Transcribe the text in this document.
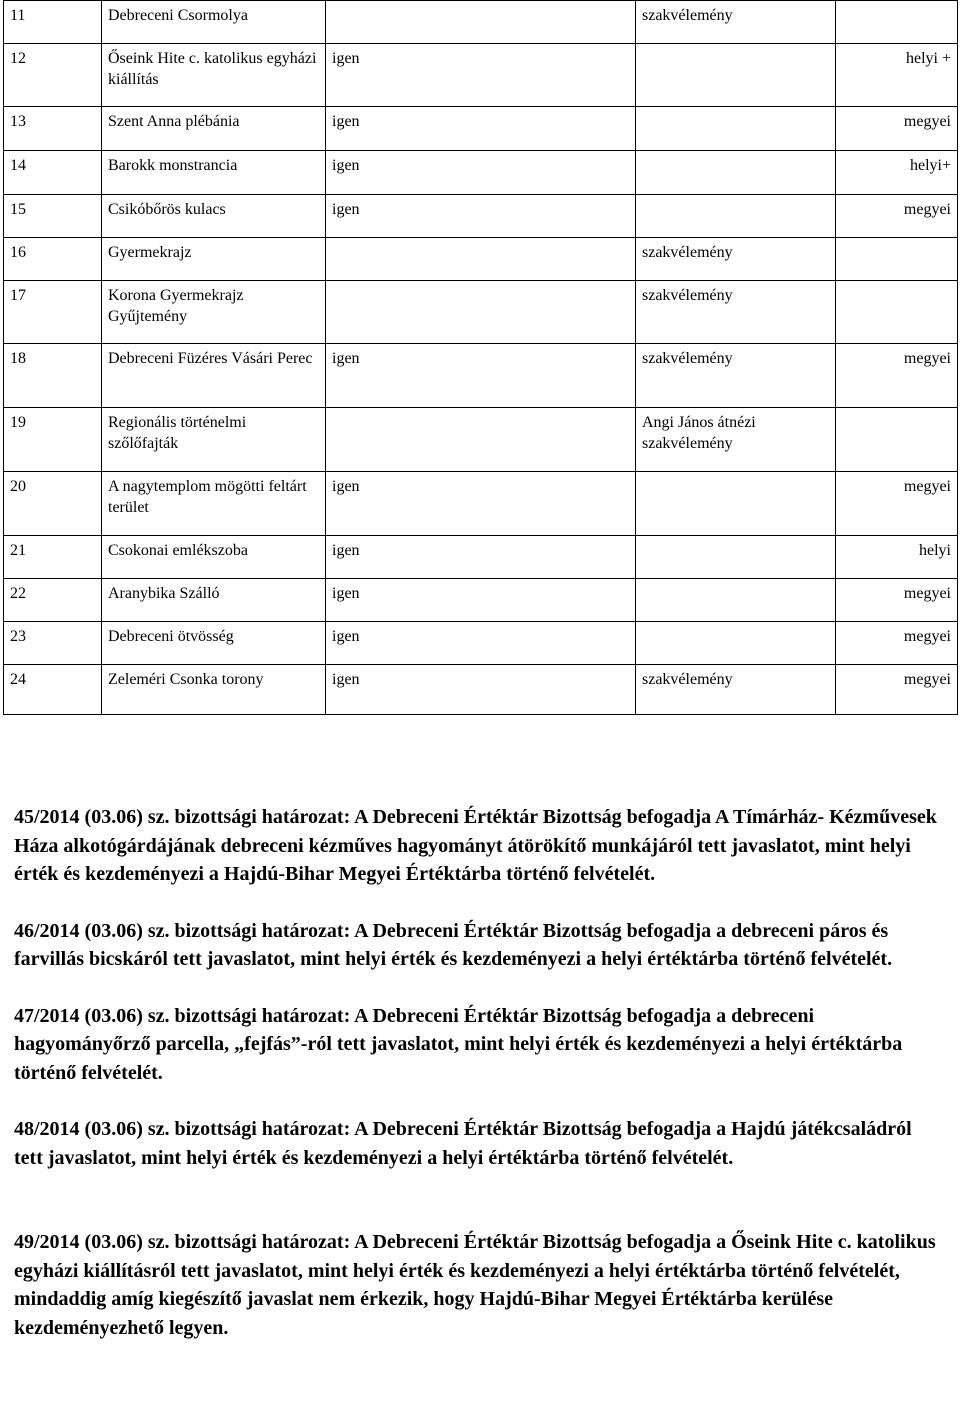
11	Debreceni Csormolya		szakvélemény	
12	Őseink Hite c. katolikus egyházi kiállítás	igen		helyi +
13	Szent Anna plébánia	igen		megyei
14	Barokk monstrancia	igen		helyi+
15	Csikóbőrös kulacs	igen		megyei
16	Gyermekrajz		szakvélemény	
17	Korona Gyermekrajz Gyűjtemény		szakvélemény	
18	Debreceni Füzéres Vásári Perec	igen	szakvélemény	megyei
19	Regionális történelmi szőlőfajták		Angi János átnézi szakvélemény	
20	A nagytemplom mögötti feltárt terület	igen		megyei
21	Csokonai emlékszoba	igen		helyi
22	Aranybika Szálló	igen		megyei
23	Debreceni ötvösség	igen		megyei
24	Zeleméri Csonka torony	igen	szakvélemény	megyei

45/2014 (03.06) sz. bizottsági határozat: A Debreceni Értéktár Bizottság befogadja A Tímárház- Kézművesek Háza alkotógárdájának debreceni kézműves hagyományt átörökítő munkájáról tett javaslatot, mint helyi érték és kezdeményezi a Hajdú-Bihar Megyei Értéktárba történő felvételét.

46/2014 (03.06) sz. bizottsági határozat: A Debreceni Értéktár Bizottság befogadja a debreceni páros és farvillás bicskáról tett javaslatot, mint helyi érték és kezdeményezi a helyi értéktárba történő felvételét.

47/2014 (03.06) sz. bizottsági határozat: A Debreceni Értéktár Bizottság befogadja a debreceni hagyományőrző parcella, „fejfás”-ról tett javaslatot, mint helyi érték és kezdeményezi a helyi értéktárba történő felvételét.

48/2014 (03.06) sz. bizottsági határozat: A Debreceni Értéktár Bizottság befogadja a Hajdú játékcsaládról tett javaslatot, mint helyi érték és kezdeményezi a helyi értéktárba történő felvételét.

49/2014 (03.06) sz. bizottsági határozat: A Debreceni Értéktár Bizottság befogadja a Őseink Hite c. katolikus egyházi kiállításról tett javaslatot, mint helyi érték és kezdeményezi a helyi értéktárba történő felvételét, mindaddig amíg kiegészítő javaslat nem érkezik, hogy Hajdú-Bihar Megyei Értéktárba kerülése kezdeményezhető legyen.
